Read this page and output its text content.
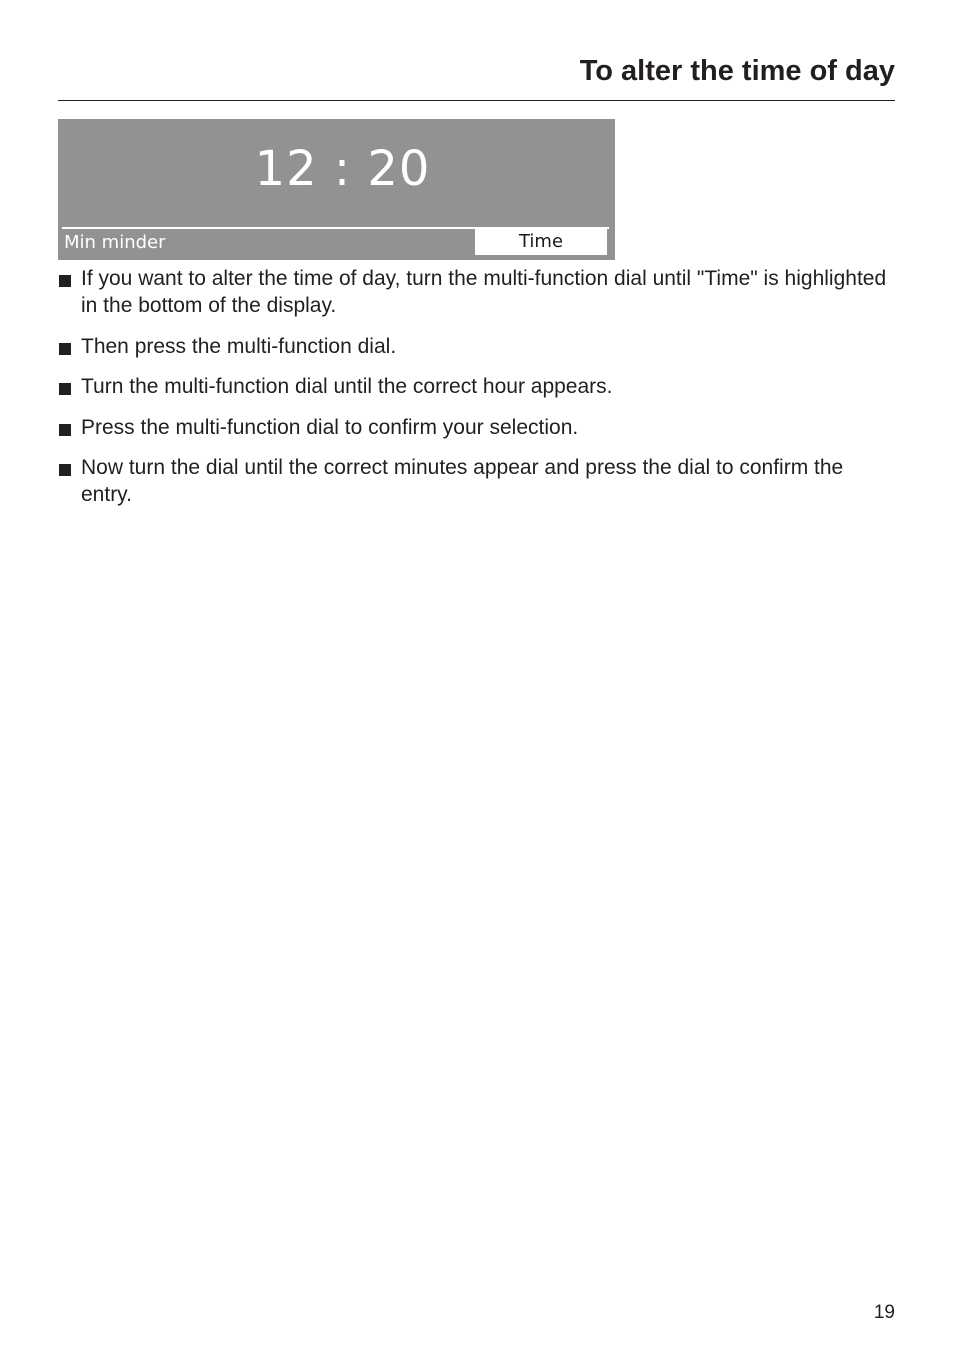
To alter the time of day
12 : 20
Min minder	Time
If you want to alter the time of day, turn the multi-function dial until "Time" is highlighted in the bottom of the display.
Then press the multi-function dial.
Turn the multi-function dial until the correct hour appears.
Press the multi-function dial to confirm your selection.
Now turn the dial until the correct minutes appear and press the dial to confirm the entry.
19
